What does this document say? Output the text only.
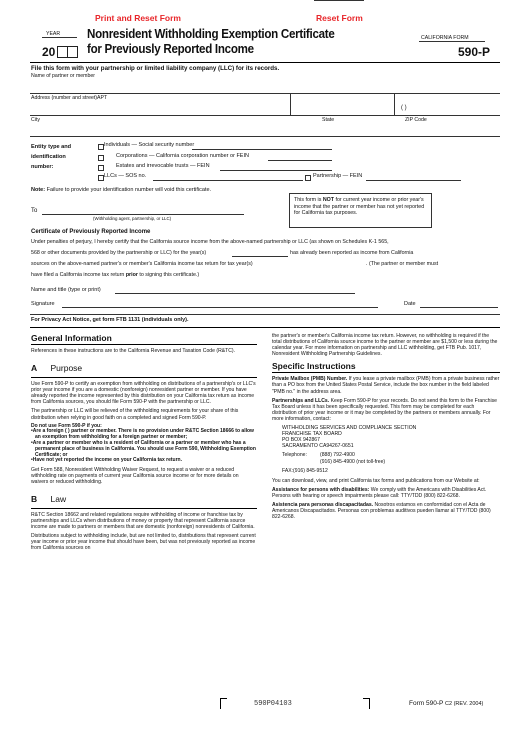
Print and Reset Form	Reset Form
YEAR
20
Nonresident Withholding Exemption Certificate
for Previously Reported Income
CALIFORNIA FORM
590-P
File this form with your partnership or limited liability company (LLC) for its records.
Name of partner or member
Address (number and street)APT
( )
City	State	ZIP Code
Entity type and
identification
number:
Individuals — Social security number
Corporations — California corporation number or FEIN
Estates and irrevocable trusts — FEIN
LLCs — SOS no.	Partnership — FEIN
Note: Failure to provide your identification number will void this certificate.
To
(Withholding agent, partnership, or LLC)
This form is NOT for current year income or prior year's income that the partner or member has not yet reported for California tax purposes.
Certificate of Previously Reported Income
Under penalties of perjury, I hereby certify that the California source income from the above-named partnership or LLC (as shown on Schedules K-1 565,
568 or other documents provided by the partnership or LLC) for the year(s)	has already been reported as income from California
sources on the above-named partner's or member's California income tax return for tax year(s)	. (The partner or member must
have filed a California income tax return prior to signing this certificate.)
Name and title (type or print)
Signature	Date
For Privacy Act Notice, get form FTB 1131 (individuals only).
General Information
References in these instructions are to the California Revenue and Taxation Code (R&TC).
A Purpose

Use Form 590-P to certify an exemption from withholding on distributions of a partnership's or LLC's prior year income if you are a domestic (nonforeign) nonresident partner or member. If you have already reported the income represented by this distribution on your California tax return as income from California sources, you should file Form 590-P with the partnership or LLC.

The partnership or LLC will be relieved of the withholding requirements for your share of this distribution when relying in good faith on a completed and signed Form 590-P.

Do not use Form 590-P if you:
•Are a foreign ( ) partner or member. There is no provision under R&TC Section 18666 to allow an exemption from withholding for a foreign partner or member;
•Are a partner or member who is a resident of California or a partner or member who has a permanent place of business in California. You should use Form 590, Withholding Exemption Certificate; or
•Have not yet reported the income on your California tax return.

Get Form 588, Nonresident Withholding Waiver Request, to request a waiver or a reduced withholding rate on payments of current year California source income or for more details on waivers or reduced withholding.

B Law

R&TC Section 18662 and related regulations require withholding of income or franchise tax by partnerships and LLCs when distributions of money or property that represent California source income are made to partners or members that are domestic (nonforeign) nonresidents of California.

Distributions subject to withholding include, but are not limited to, distributions that represent current year income or prior year income that should have been, but was not previously reported as income from California sources on

the partner's or member's California income tax return. However, no withholding is required if the total distributions of California source income to the partner or member are $1,500 or less during the calendar year. For more information on partnership and LLC withholding, get FTB Pub. 1017, Nonresident Withholding Partnership Guidelines.
Specific Instructions

Private Mailbox (PMB) Number. If you lease a private mailbox (PMB) from a private business rather than a PO box from the United States Postal Service, include the box number in the field labeled "PMB no." in the address area.

Partnerships and LLCs. Keep Form 590-P for your records. Do not send this form to the Franchise Tax Board unless it has been specifically requested. This form may be completed for each distribution of prior year income or it may be completed by the partners or members annually. For more information, contact:

WITHHOLDING SERVICES AND COMPLIANCE SECTION
FRANCHISE TAX BOARD
PO BOX 942867
SACRAMENTO CA94267-0651
Telephone:	(888) 792-4900
(916) 845-4900 (not toll-free)
FAX:(916) 845-9512

You can download, view, and print California tax forms and publications from our Website at:

Assistance for persons with disabilities: We comply with the Americans with Disabilities Act. Persons with hearing or speech impairments please call: TTY/TDD (800) 822-6268.

Asistencia para personas discapacitadas. Nosotros estamos en conformidad con el Acta de Americanos Discapacitados. Personas con problemas auditivos pueden llamar al TTY/TDD (800) 822-6268.

590P04103	Form 590-P C2 (REV. 2004)
